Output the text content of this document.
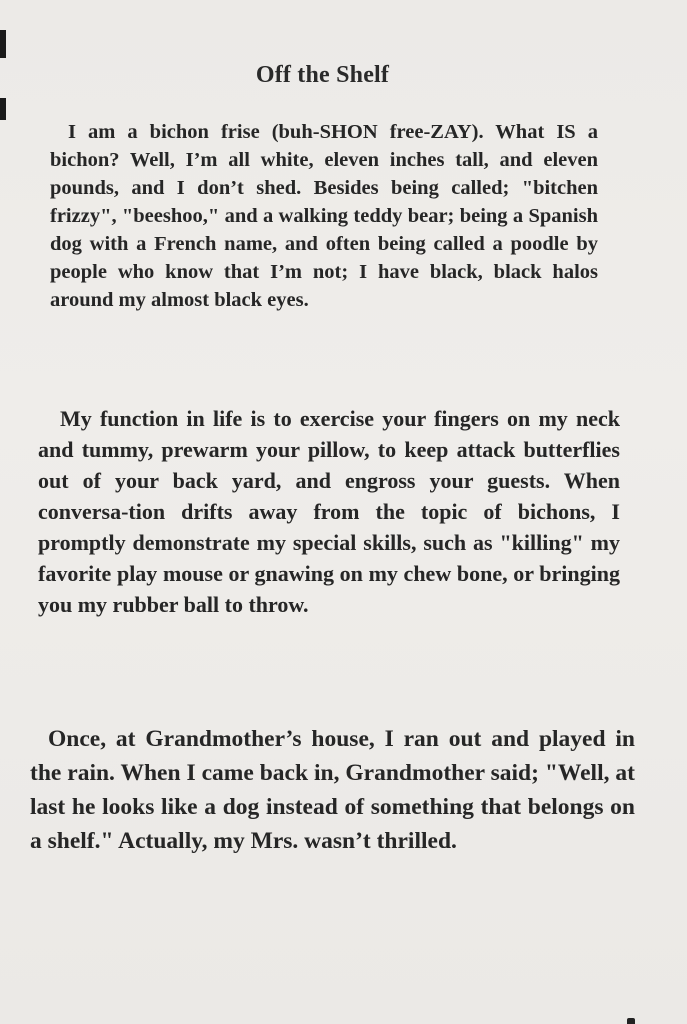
Off the Shelf

I am a bichon frise (buh-SHON free-ZAY). What IS a bichon? Well, I’m all white, eleven inches tall, and eleven pounds, and I don’t shed. Besides being called; "bitchen frizzy", "beeshoo," and a walking teddy bear; being a Spanish dog with a French name, and often being called a poodle by people who know that I’m not; I have black, black halos around my almost black eyes.

My function in life is to exercise your fingers on my neck and tummy, prewarm your pillow, to keep attack butterflies out of your back yard, and engross your guests. When conversa-tion drifts away from the topic of bichons, I promptly demonstrate my special skills, such as "killing" my favorite play mouse or gnawing on my chew bone, or bringing you my rubber ball to throw.

Once, at Grandmother’s house, I ran out and played in the rain. When I came back in, Grandmother said; "Well, at last he looks like a dog instead of something that belongs on a shelf." Actually, my Mrs. wasn’t thrilled.
